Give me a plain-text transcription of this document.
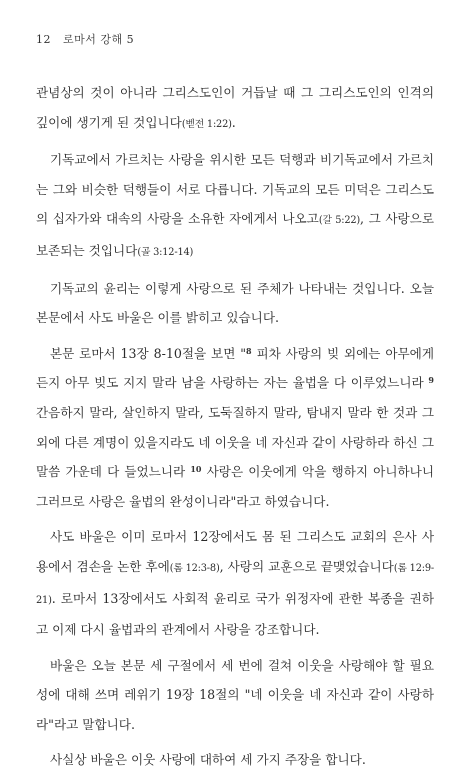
12 로마서 강해 5

관념상의 것이 아니라 그리스도인이 거듭날 때 그 그리스도인의 인격의 깊이에 생기게 된 것입니다(벧전 1:22).

기독교에서 가르치는 사랑을 위시한 모든 덕행과 비기독교에서 가르치는 그와 비슷한 덕행들이 서로 다릅니다. 기독교의 모든 미덕은 그리스도의 십자가와 대속의 사랑을 소유한 자에게서 나오고(갈 5:22), 그 사랑으로 보존되는 것입니다(골 3:12-14)

기독교의 윤리는 이렇게 사랑으로 된 주체가 나타내는 것입니다. 오늘 본문에서 사도 바울은 이를 밝히고 있습니다.

본문 로마서 13장 8-10절을 보면 "$^8$ 피차 사랑의 빚 외에는 아무에게든지 아무 빚도 지지 말라 남을 사랑하는 자는 율법을 다 이루었느니라 $^9$ 간음하지 말라, 살인하지 말라, 도둑질하지 말라, 탐내지 말라 한 것과 그 외에 다른 계명이 있을지라도 네 이웃을 네 자신과 같이 사랑하라 하신 그 말씀 가운데 다 들었느니라 $^{10}$ 사랑은 이웃에게 악을 행하지 아니하나니 그러므로 사랑은 율법의 완성이니라"라고 하였습니다.

사도 바울은 이미 로마서 12장에서도 몸 된 그리스도 교회의 은사 사용에서 겸손을 논한 후에(롬 12:3-8), 사랑의 교훈으로 끝맺었습니다(롬 12:9-21). 로마서 13장에서도 사회적 윤리로 국가 위정자에 관한 복종을 권하고 이제 다시 율법과의 관계에서 사랑을 강조합니다.

바울은 오늘 본문 세 구절에서 세 번에 걸쳐 이웃을 사랑해야 할 필요성에 대해 쓰며 레위기 19장 18절의 "네 이웃을 네 자신과 같이 사랑하라"라고 말합니다.

사실상 바울은 이웃 사랑에 대하여 세 가지 주장을 합니다.
